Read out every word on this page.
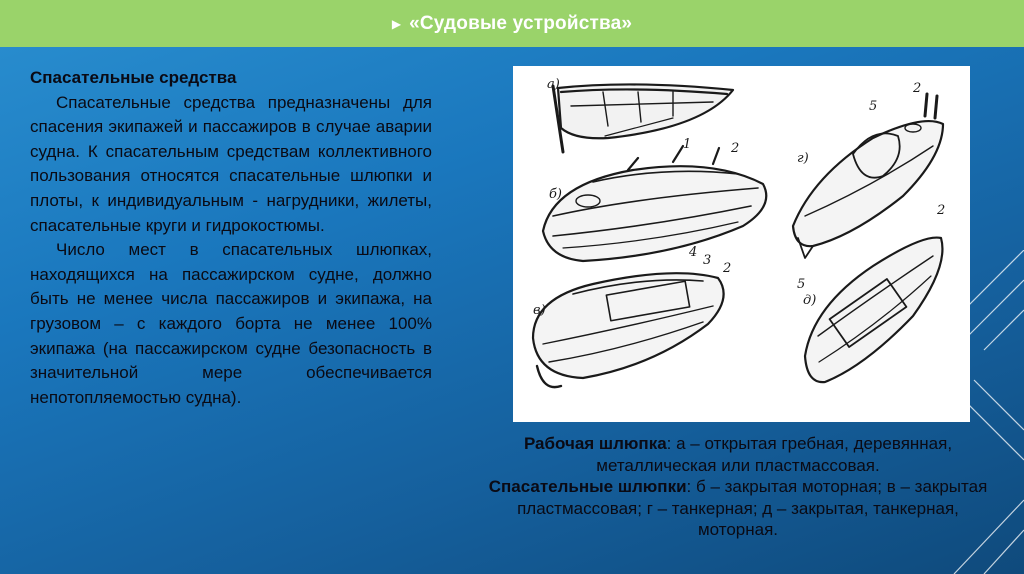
▶ «Судовые устройства»

Спасательные средства

Спасательные средства предназначены для спасения экипажей и пассажиров в случае аварии судна. К спасательным средствам коллективного пользования относятся спасательные шлюпки и плоты, к индивидуальным - нагрудники, жилеты, спасательные круги и гидрокостюмы.

Число мест в спасательных шлюпках, находящихся на пассажирском судне, должно быть не менее числа пассажиров и экипажа, на грузовом – с каждого борта не менее 100% экипажа (на пассажирском судне безопасность в значительной мере обеспечивается непотопляемостью судна).

а)
б)
в)
г)
д)
1	2
2
3
4
2
5
2
5
Рабочая шлюпка: а – открытая гребная, деревянная, металлическая или пластмассовая.
Спасательные шлюпки: б – закрытая моторная; в – закрытая пластмассовая; г – танкерная; д – закрытая, танкерная, моторная.
